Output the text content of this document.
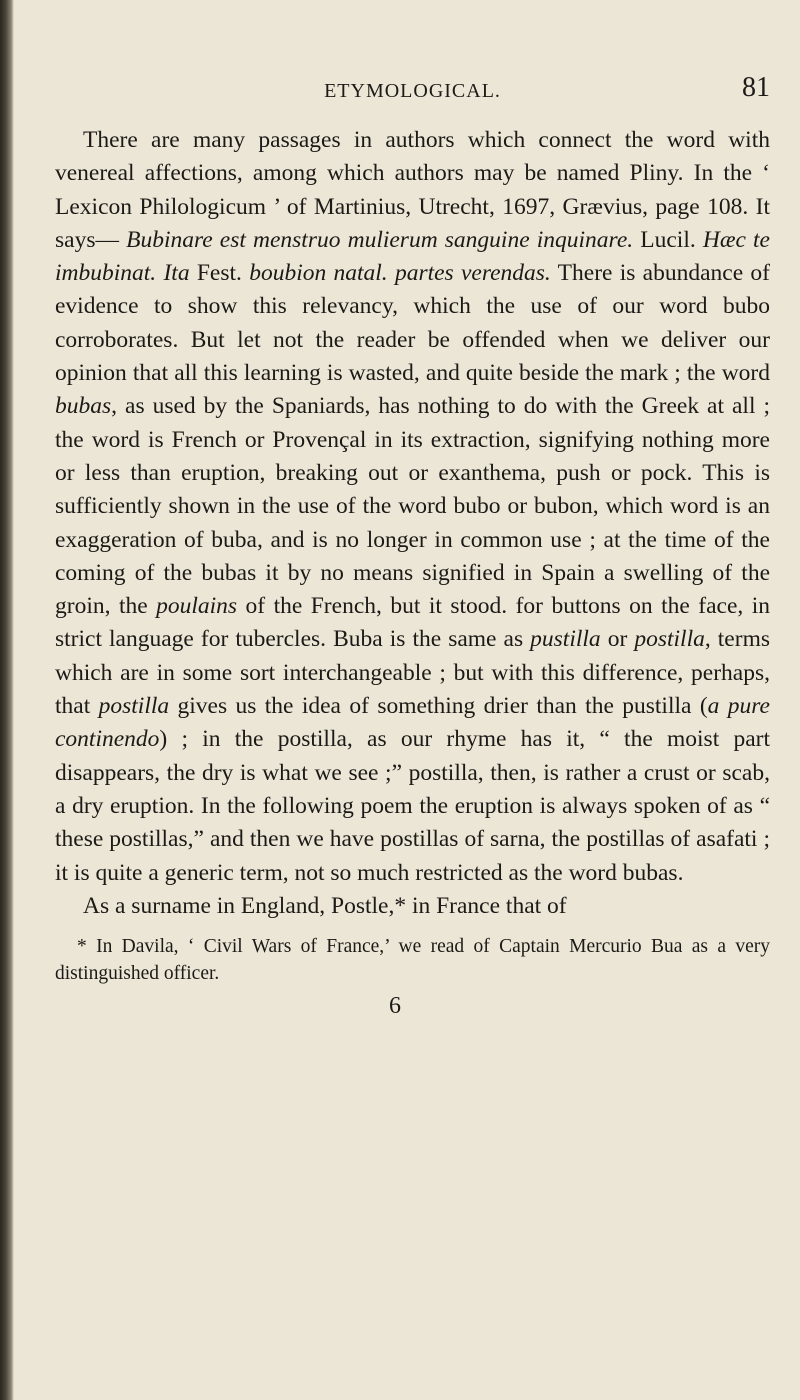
ETYMOLOGICAL.	81

There are many passages in authors which connect the word with venereal affections, among which authors may be named Pliny. In the ‘ Lexicon Philologicum ’ of Martinius, Utrecht, 1697, Grævius, page 108. It says— Bubinare est menstruo mulierum sanguine inquinare. Lucil. Hæc te imbubinat. Ita Fest. boubion natal. partes verendas. There is abundance of evidence to show this relevancy, which the use of our word bubo corroborates. But let not the reader be offended when we deliver our opinion that all this learning is wasted, and quite beside the mark ; the word bubas, as used by the Spaniards, has nothing to do with the Greek at all ; the word is French or Provençal in its extraction, signifying nothing more or less than eruption, breaking out or exanthema, push or pock. This is sufficiently shown in the use of the word bubo or bubon, which word is an exaggeration of buba, and is no longer in common use ; at the time of the coming of the bubas it by no means signified in Spain a swelling of the groin, the poulains of the French, but it stood. for buttons on the face, in strict language for tubercles. Buba is the same as pustilla or postilla, terms which are in some sort interchangeable ; but with this difference, perhaps, that postilla gives us the idea of something drier than the pustilla (a pure continendo) ; in the postilla, as our rhyme has it, “ the moist part disappears, the dry is what we see ;” postilla, then, is rather a crust or scab, a dry eruption. In the following poem the eruption is always spoken of as “ these postillas,” and then we have postillas of sarna, the postillas of asafati ; it is quite a generic term, not so much restricted as the word bubas.

As a surname in England, Postle,* in France that of

* In Davila, ‘ Civil Wars of France,’ we read of Captain Mercurio Bua as a very distinguished officer.
6
